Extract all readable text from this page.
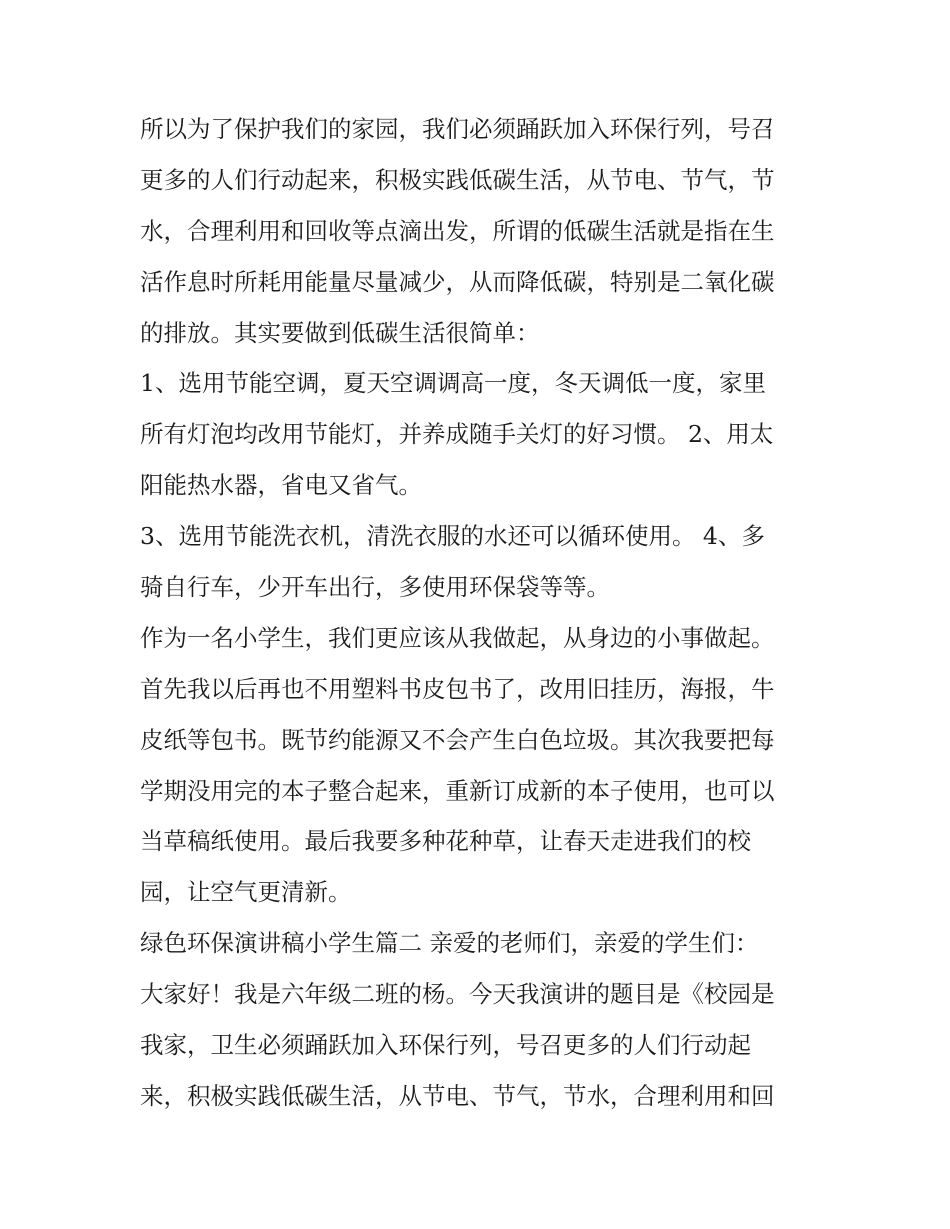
所以为了保护我们的家园，我们必须踊跃加入环保行列，号召
更多的人们行动起来，积极实践低碳生活，从节电、节气，节
水，合理利用和回收等点滴出发，所谓的低碳生活就是指在生
活作息时所耗用能量尽量减少，从而降低碳，特别是二氧化碳
的排放。其实要做到低碳生活很简单：
1、选用节能空调，夏天空调调高一度，冬天调低一度，家里
所有灯泡均改用节能灯，并养成随手关灯的好习惯。 2、用太
阳能热水器，省电又省气。
3、选用节能洗衣机，清洗衣服的水还可以循环使用。 4、多
骑自行车，少开车出行，多使用环保袋等等。
作为一名小学生，我们更应该从我做起，从身边的小事做起。
首先我以后再也不用塑料书皮包书了，改用旧挂历，海报，牛
皮纸等包书。既节约能源又不会产生白色垃圾。其次我要把每
学期没用完的本子整合起来，重新订成新的本子使用，也可以
当草稿纸使用。最后我要多种花种草，让春天走进我们的校
园，让空气更清新。
绿色环保演讲稿小学生篇二 亲爱的老师们，亲爱的学生们：
大家好！我是六年级二班的杨。今天我演讲的题目是《校园是
我家，卫生必须踊跃加入环保行列，号召更多的人们行动起
来，积极实践低碳生活，从节电、节气，节水，合理利用和回
